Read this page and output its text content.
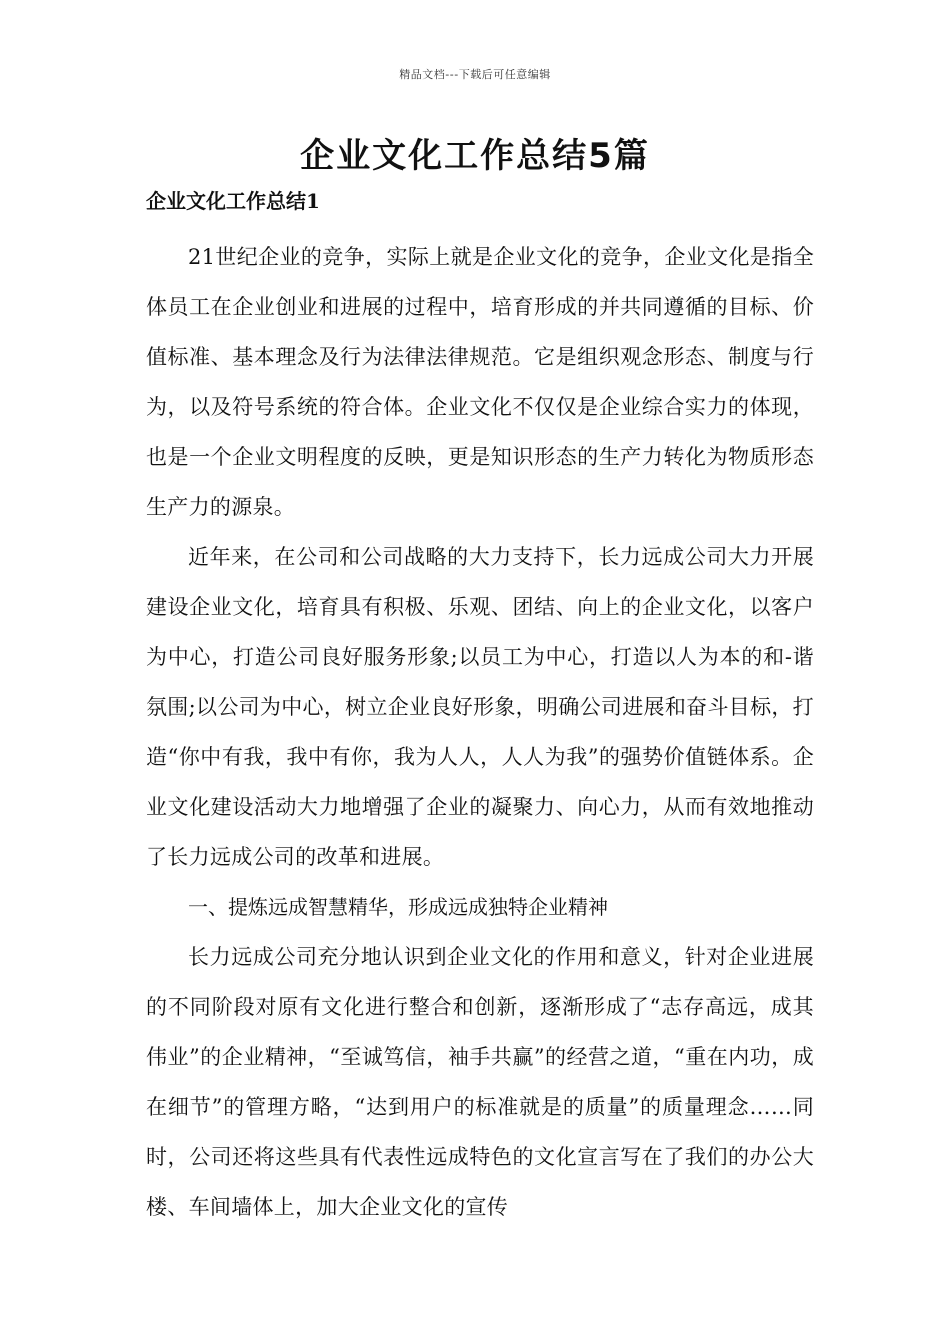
精品文档---下载后可任意编辑
企业文化工作总结5篇
企业文化工作总结1

21世纪企业的竞争，实际上就是企业文化的竞争，企业文化是指全体员工在企业创业和进展的过程中，培育形成的并共同遵循的目标、价值标准、基本理念及行为法律法律规范。它是组织观念形态、制度与行为，以及符号系统的符合体。企业文化不仅仅是企业综合实力的体现，也是一个企业文明程度的反映，更是知识形态的生产力转化为物质形态生产力的源泉。

近年来，在公司和公司战略的大力支持下，长力远成公司大力开展建设企业文化，培育具有积极、乐观、团结、向上的企业文化，以客户为中心，打造公司良好服务形象;以员工为中心，打造以人为本的和-谐氛围;以公司为中心，树立企业良好形象，明确公司进展和奋斗目标，打造“你中有我，我中有你，我为人人，人人为我”的强势价值链体系。企业文化建设活动大力地增强了企业的凝聚力、向心力，从而有效地推动了长力远成公司的改革和进展。

一、提炼远成智慧精华，形成远成独特企业精神

长力远成公司充分地认识到企业文化的作用和意义，针对企业进展的不同阶段对原有文化进行整合和创新，逐渐形成了“志存高远，成其伟业”的企业精神，“至诚笃信，袖手共赢”的经营之道，“重在内功，成在细节”的管理方略，“达到用户的标准就是的质量”的质量理念……同时，公司还将这些具有代表性远成特色的文化宣言写在了我们的办公大楼、车间墙体上，加大企业文化的宣传
